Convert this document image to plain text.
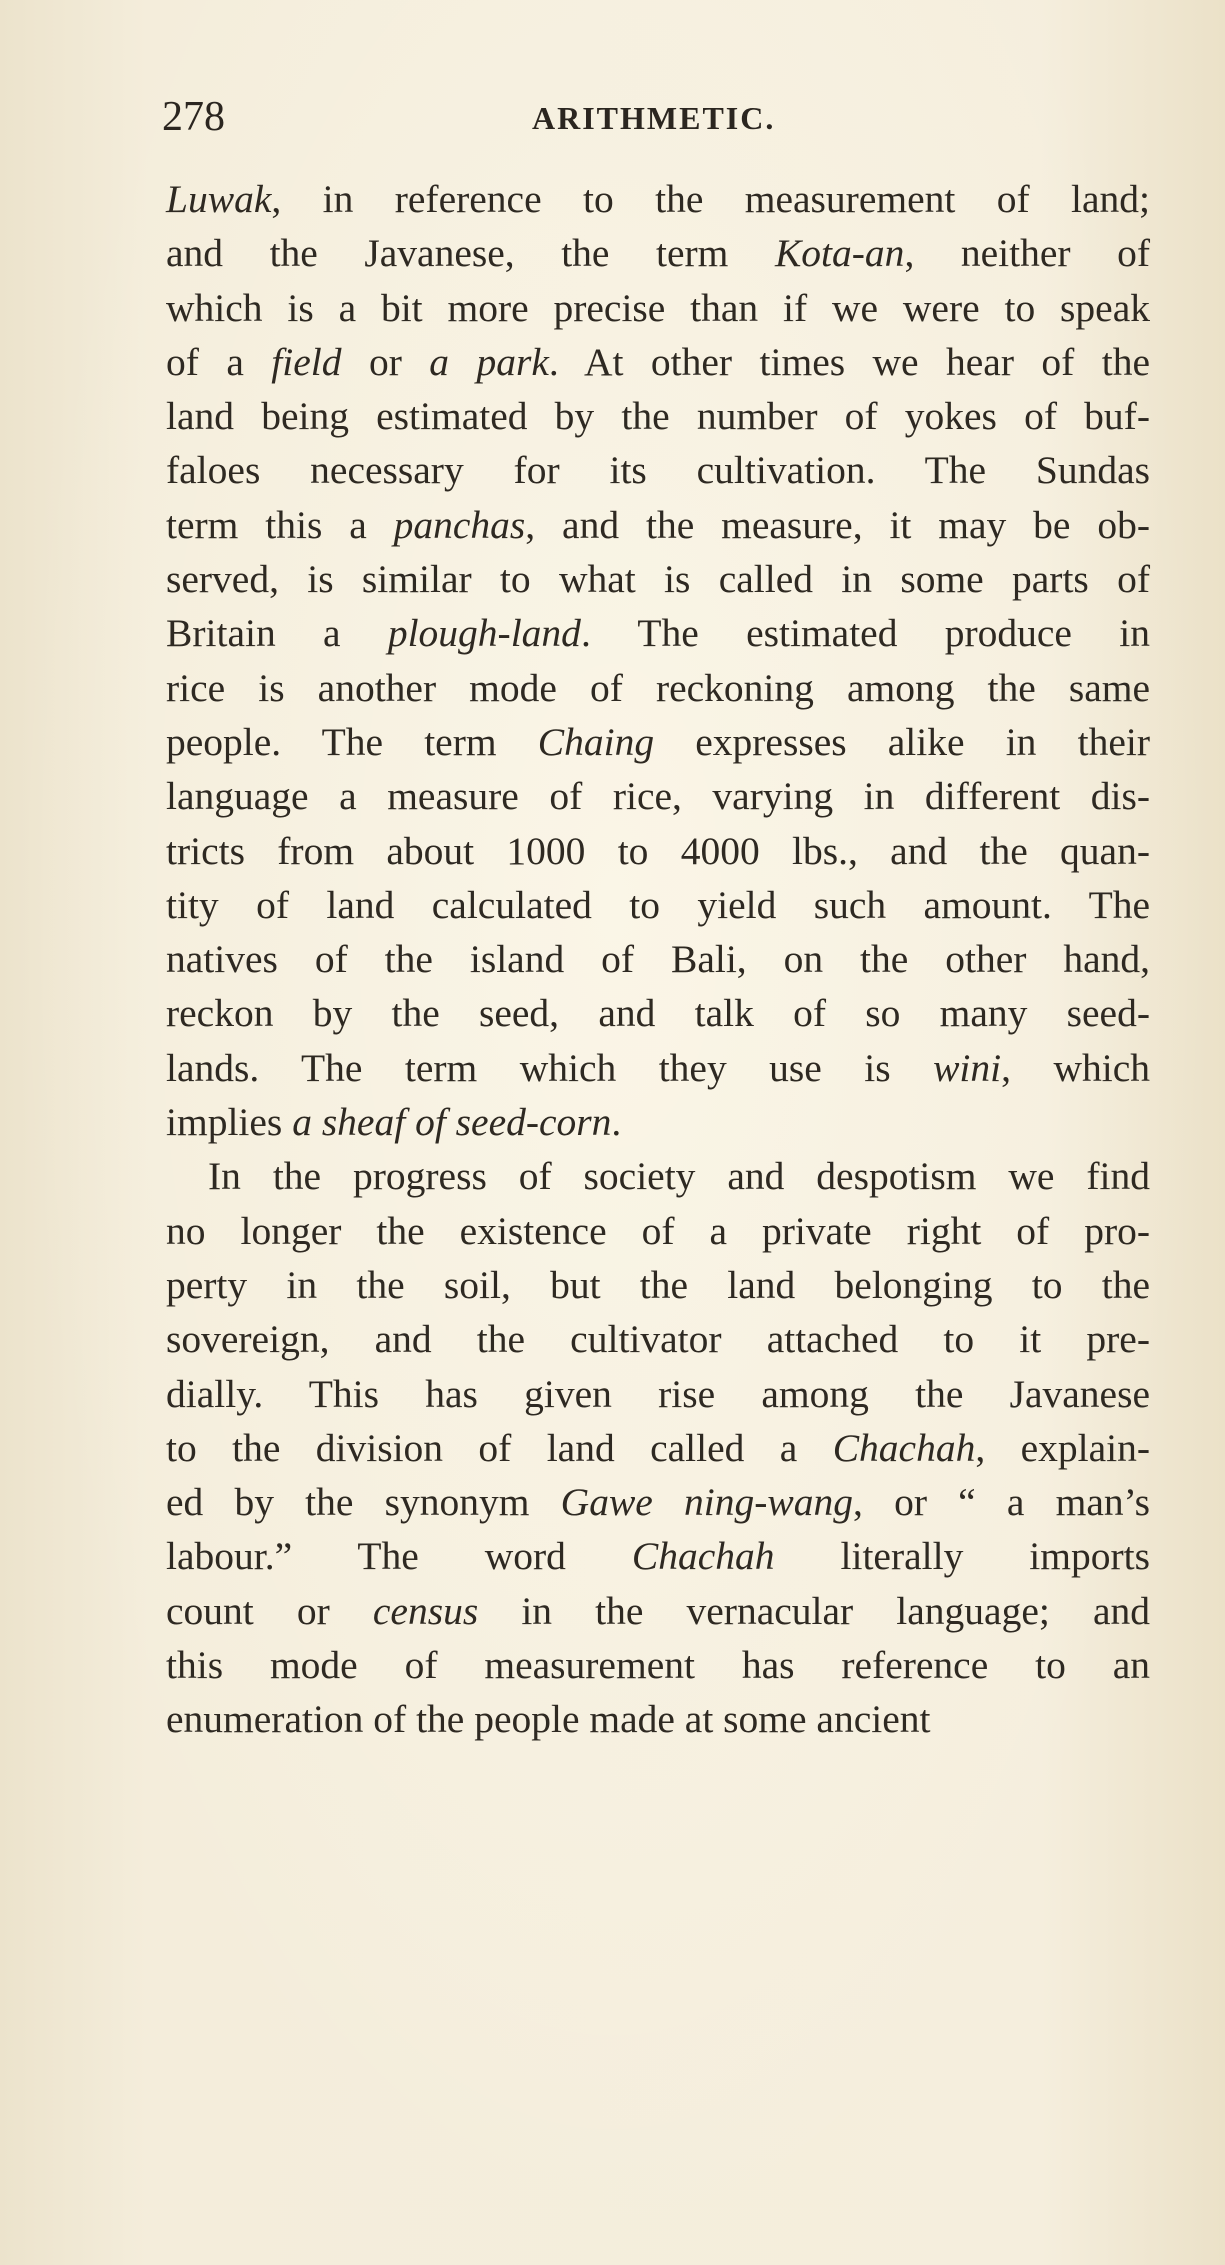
278	ARITHMETIC.
Luwak, in reference to the measurement of land;
and the Javanese, the term Kota-an, neither of
which is a bit more precise than if we were to speak
of a field or a park. At other times we hear of the
land being estimated by the number of yokes of buf-
faloes necessary for its cultivation. The Sundas
term this a panchas, and the measure, it may be ob-
served, is similar to what is called in some parts of
Britain a plough-land. The estimated produce in
rice is another mode of reckoning among the same
people. The term Chaing expresses alike in their
language a measure of rice, varying in different dis-
tricts from about 1000 to 4000 lbs., and the quan-
tity of land calculated to yield such amount. The
natives of the island of Bali, on the other hand,
reckon by the seed, and talk of so many seed-
lands. The term which they use is wini, which
implies a sheaf of seed-corn.
In the progress of society and despotism we find
no longer the existence of a private right of pro-
perty in the soil, but the land belonging to the
sovereign, and the cultivator attached to it pre-
dially. This has given rise among the Javanese
to the division of land called a Chachah, explain-
ed by the synonym Gawe ning-wang, or “ a man’s
labour.” The word Chachah literally imports
count or census in the vernacular language; and
this mode of measurement has reference to an
enumeration of the people made at some ancient
